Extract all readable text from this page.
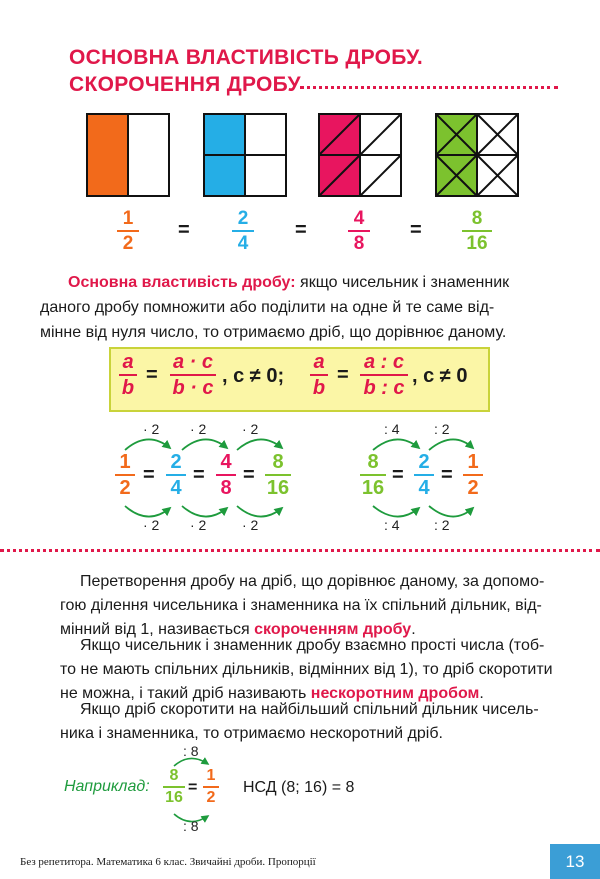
ОСНОВНА ВЛАСТИВІСТЬ ДРОБУ.
СКОРОЧЕННЯ ДРОБУ
1
2
=
2
4
=
4
8
=
8
16
Основна властивість дробу: якщо чисельник і знаменник
даного дробу помножити або поділити на одне й те саме від-
мінне від нуля число, то отримаємо дріб, що дорівнює даному.
a
b
=
a · c
b · c
, c ≠ 0;
a
b
=
a : c
b : c
, c ≠ 0
· 2 · 2	· 2
· 2 · 2	· 2
1
2
=
2
4
=
4
8
=
8
16
: 4 : 2
: 4 : 2
8
16
=
2
4
=
1
2
Перетворення дробу на дріб, що дорівнює даному, за допомо-
гою ділення чисельника і знаменника на їх спільний дільник, від-
мінний від 1, називається скороченням дробу.
Якщо чисельник і знаменник дробу взаємно прості числа (тоб-
то не мають спільних дільників, відмінних від 1), то дріб скоротити
не можна, і такий дріб називають нескоротним дробом.
Якщо дріб скоротити на найбільший спільний дільник чисель-
ника і знаменника, то отримаємо нескоротний дріб.
Наприклад:
: 8
: 8
8
16
=
1
2
НСД (8; 16) = 8
Без репетитора. Математика 6 клас. Звичайні дроби. Пропорції	13
